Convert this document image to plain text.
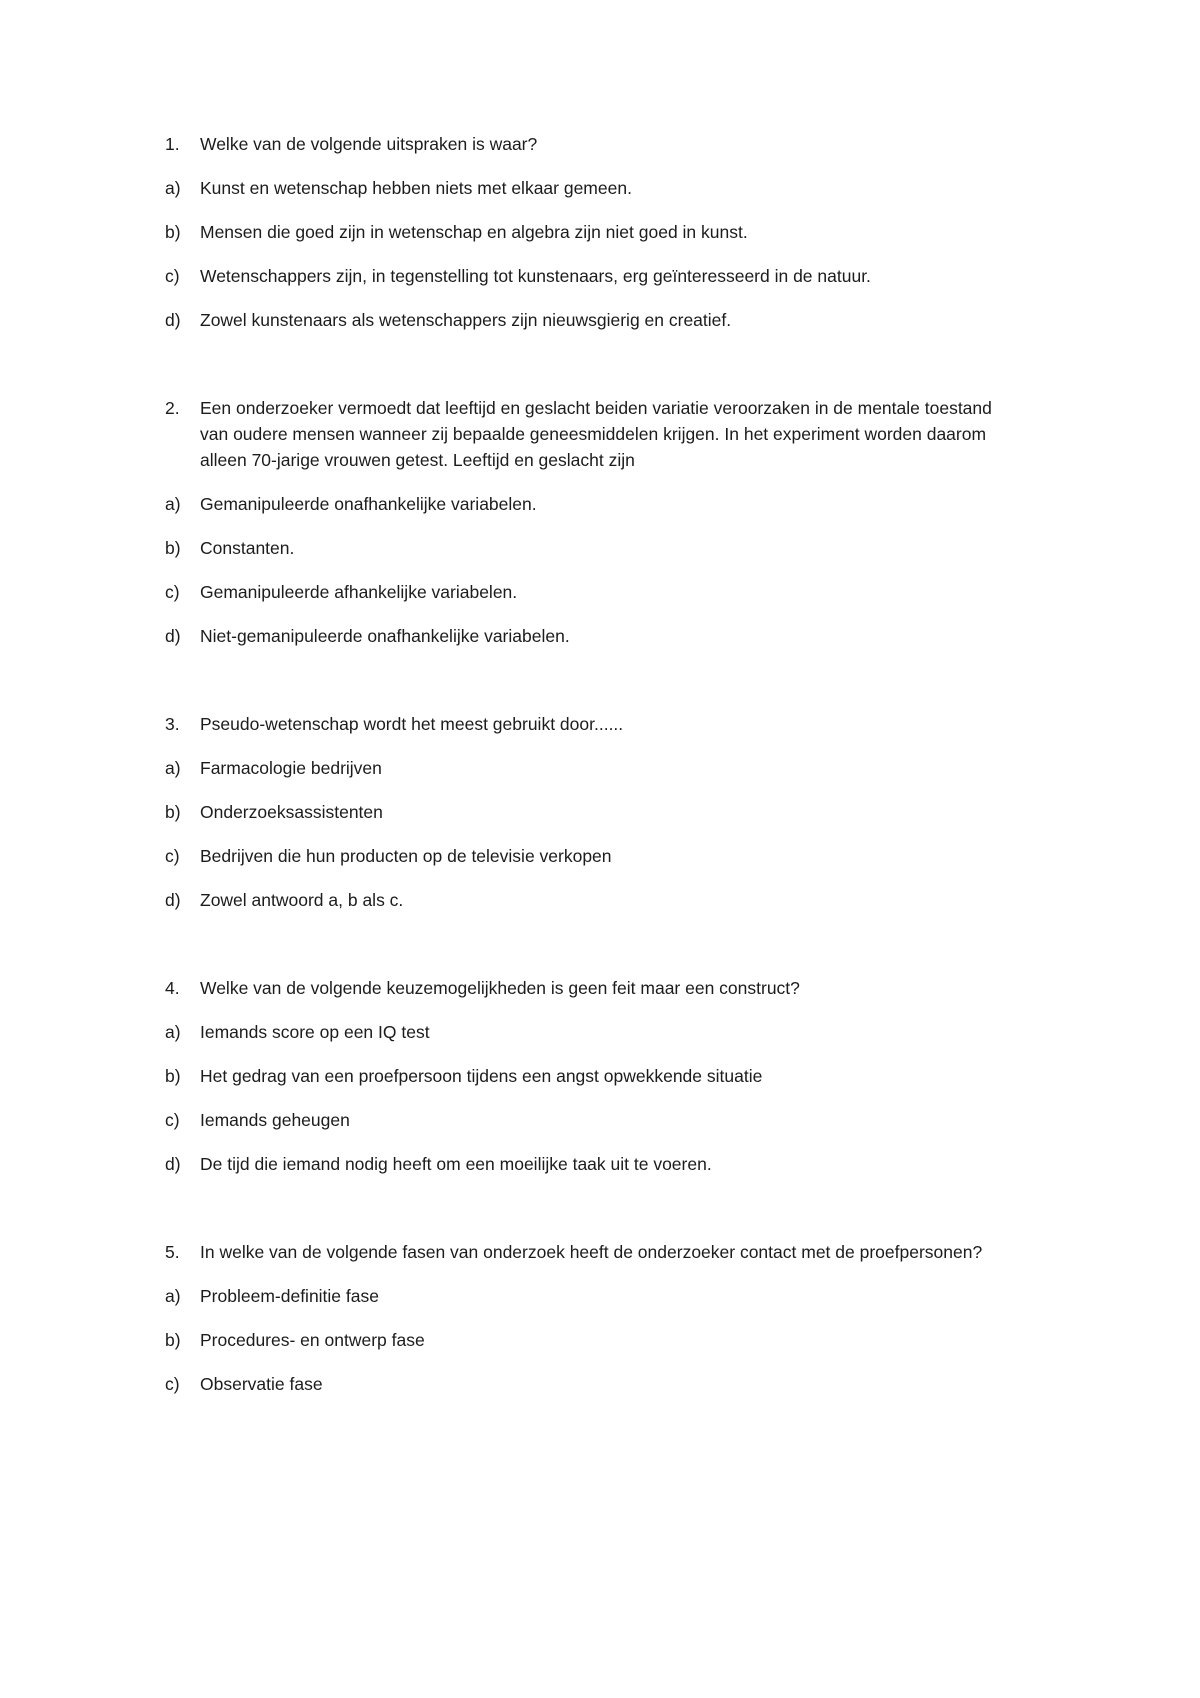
1.	Welke van de volgende uitspraken is waar?
a)	Kunst en wetenschap hebben niets met elkaar gemeen.
b)	Mensen die goed zijn in wetenschap en algebra zijn niet goed in kunst.
c)	Wetenschappers zijn, in tegenstelling tot kunstenaars, erg geïnteresseerd in de natuur.
d)	Zowel kunstenaars als wetenschappers zijn nieuwsgierig en creatief.
2.	Een onderzoeker vermoedt dat leeftijd en geslacht beiden variatie veroorzaken in de mentale toestand van oudere mensen wanneer zij bepaalde geneesmiddelen krijgen. In het experiment worden daarom alleen 70-jarige vrouwen getest. Leeftijd en geslacht zijn
a)	Gemanipuleerde onafhankelijke variabelen.
b)	Constanten.
c)	Gemanipuleerde afhankelijke variabelen.
d)	Niet-gemanipuleerde onafhankelijke variabelen.
3.	Pseudo-wetenschap wordt het meest gebruikt door......
a)	Farmacologie bedrijven
b)	Onderzoeksassistenten
c)	Bedrijven die hun producten op de televisie verkopen
d)	Zowel antwoord a, b als c.
4.	Welke van de volgende keuzemogelijkheden is geen feit maar een construct?
a)	Iemands score op een IQ test
b)	Het gedrag van een proefpersoon tijdens een angst opwekkende situatie
c)	Iemands geheugen
d)	De tijd die iemand nodig heeft om een moeilijke taak uit te voeren.
5.	In welke van de volgende fasen van onderzoek heeft de onderzoeker contact met de proefpersonen?
a)	Probleem-definitie fase
b)	Procedures- en ontwerp fase
c)	Observatie fase
